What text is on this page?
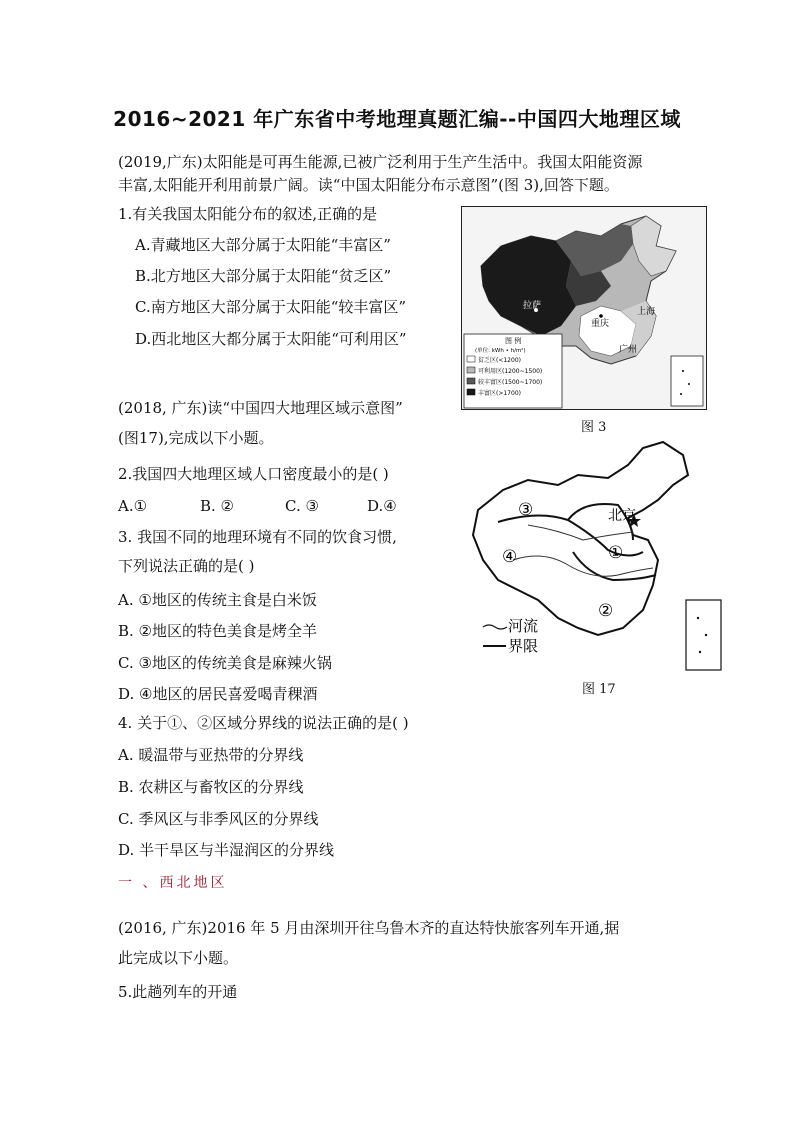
2016~2021 年广东省中考地理真题汇编--中国四大地理区域
(2019,广东)太阳能是可再生能源,已被广泛利用于生产生活中。我国太阳能资源
丰富,太阳能开利用前景广阔。读“中国太阳能分布示意图”(图 3),回答下题。
1.有关我国太阳能分布的叙述,正确的是
A.青藏地区大部分属于太阳能“丰富区”
B.北方地区大部分属于太阳能“贫乏区”
C.南方地区大部分属于太阳能“较丰富区”
D.西北地区大都分属于太阳能“可利用区”
拉萨
重庆
上海
广州
图 例
(单位: kWh • h/m²)
贫乏区(<1200)
可利用区(1200~1500)
较丰富区(1500~1700)
丰富区(>1700)
图 3
(2018, 广东)读“中国四大地理区域示意图”
(图17),完成以下小题。
2.我国四大地理区域人口密度最小的是( )
A.①	B. ②	C. ③	D.④
3. 我国不同的地理环境有不同的饮食习惯,
下列说法正确的是( )
A. ①地区的传统主食是白米饭
B. ②地区的特色美食是烤全羊
C. ③地区的传统美食是麻辣火锅
D. ④地区的居民喜爱喝青稞酒
4. 关于①、②区域分界线的说法正确的是( )
A. 暖温带与亚热带的分界线
B. 农耕区与畜牧区的分界线
C. 季风区与非季风区的分界线
D. 半干旱区与半湿润区的分界线
北京
③
④	①
②
河流
界限
图 17
一 、西北地区
(2016, 广东)2016 年 5 月由深圳开往乌鲁木齐的直达特快旅客列车开通,据
此完成以下小题。
5.此趟列车的开通
